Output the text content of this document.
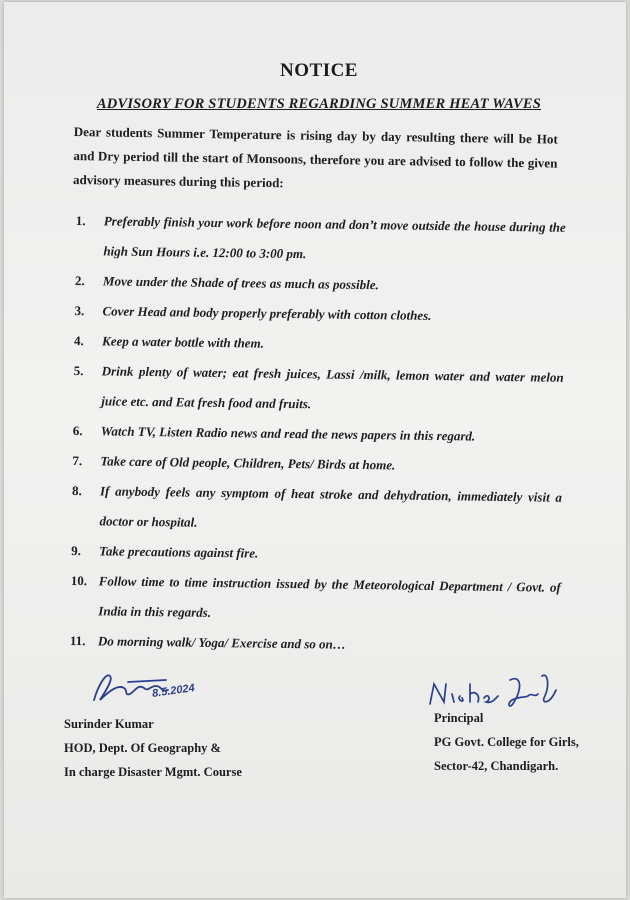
NOTICE
ADVISORY FOR STUDENTS REGARDING SUMMER HEAT WAVES
Dear students Summer Temperature is rising day by day resulting there will be Hot and Dry period till the start of Monsoons, therefore you are advised to follow the given advisory measures during this period:
1.	Preferably finish your work before noon and don’t move outside the house during the high Sun Hours i.e. 12:00 to 3:00 pm.
2.	Move under the Shade of trees as much as possible.
3.	Cover Head and body properly preferably with cotton clothes.
4.	Keep a water bottle with them.
5.	Drink plenty of water; eat fresh juices, Lassi /milk, lemon water and water melon juice etc. and Eat fresh food and fruits.
6.	Watch TV, Listen Radio news and read the news papers in this regard.
7.	Take care of Old people, Children, Pets/ Birds at home.
8.	If anybody feels any symptom of heat stroke and dehydration, immediately visit a doctor or hospital.
9.	Take precautions against fire.
10. Follow time to time instruction issued by the Meteorological Department / Govt. of India in this regards.
11. Do morning walk/ Yoga/ Exercise and so on…
8.5.2024
Surinder Kumar
HOD, Dept. Of Geography &
In charge Disaster Mgmt. Course
Principal
PG Govt. College for Girls,
Sector-42, Chandigarh.
